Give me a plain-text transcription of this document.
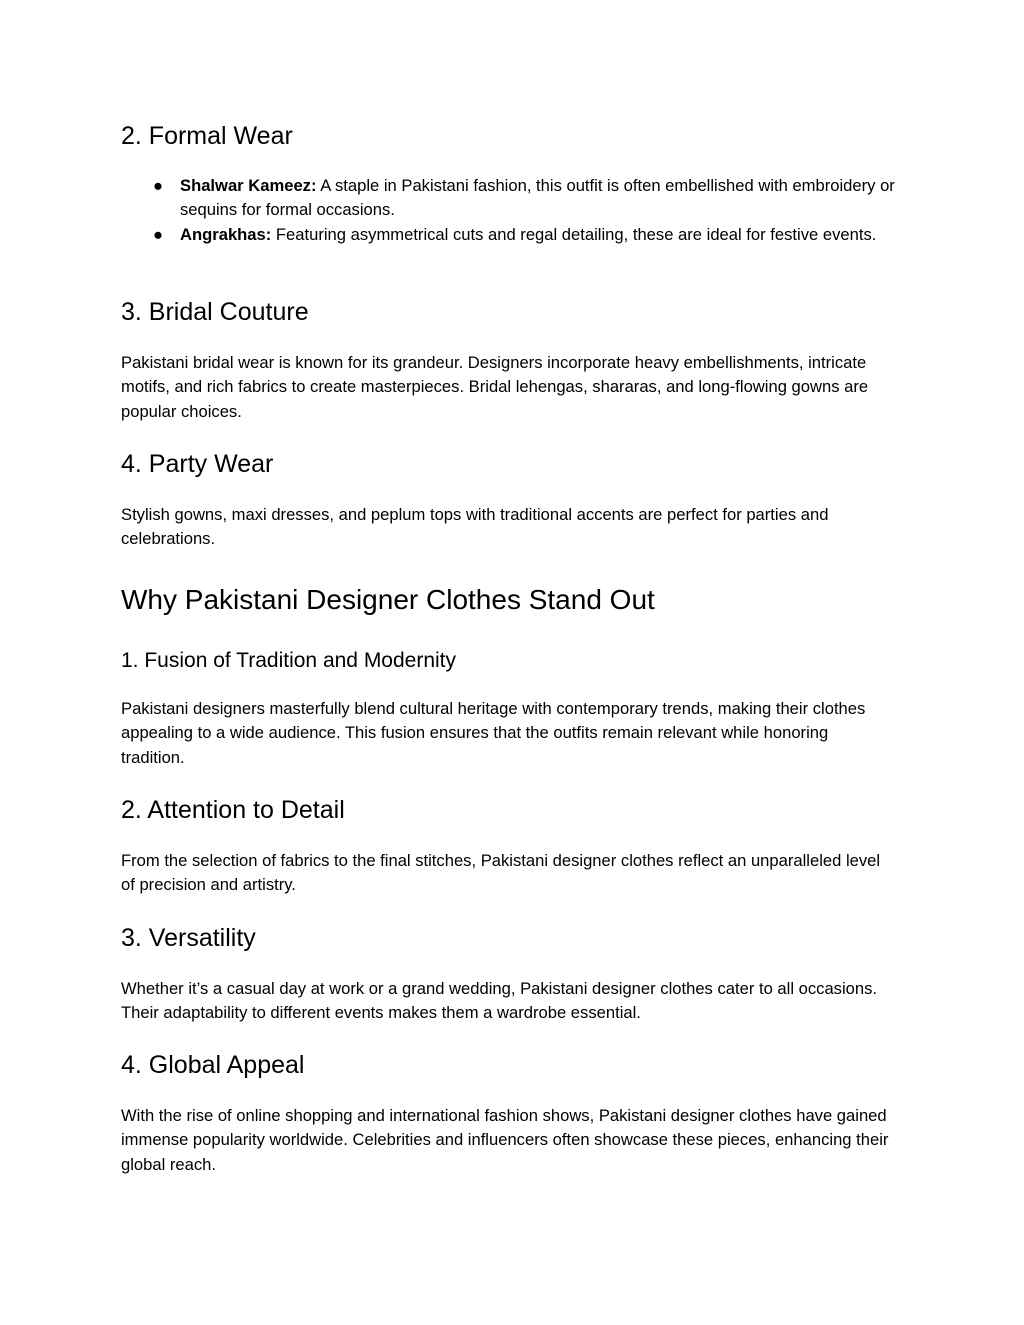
2. Formal Wear
● Shalwar Kameez: A staple in Pakistani fashion, this outfit is often embellished with embroidery or sequins for formal occasions.
● Angrakhas: Featuring asymmetrical cuts and regal detailing, these are ideal for festive events.
3. Bridal Couture

Pakistani bridal wear is known for its grandeur. Designers incorporate heavy embellishments, intricate motifs, and rich fabrics to create masterpieces. Bridal lehengas, shararas, and long-flowing gowns are popular choices.

4. Party Wear

Stylish gowns, maxi dresses, and peplum tops with traditional accents are perfect for parties and celebrations.

Why Pakistani Designer Clothes Stand Out
1. Fusion of Tradition and Modernity

Pakistani designers masterfully blend cultural heritage with contemporary trends, making their clothes appealing to a wide audience. This fusion ensures that the outfits remain relevant while honoring tradition.

2. Attention to Detail

From the selection of fabrics to the final stitches, Pakistani designer clothes reflect an unparalleled level of precision and artistry.

3. Versatility

Whether it’s a casual day at work or a grand wedding, Pakistani designer clothes cater to all occasions. Their adaptability to different events makes them a wardrobe essential.

4. Global Appeal

With the rise of online shopping and international fashion shows, Pakistani designer clothes have gained immense popularity worldwide. Celebrities and influencers often showcase these pieces, enhancing their global reach.
